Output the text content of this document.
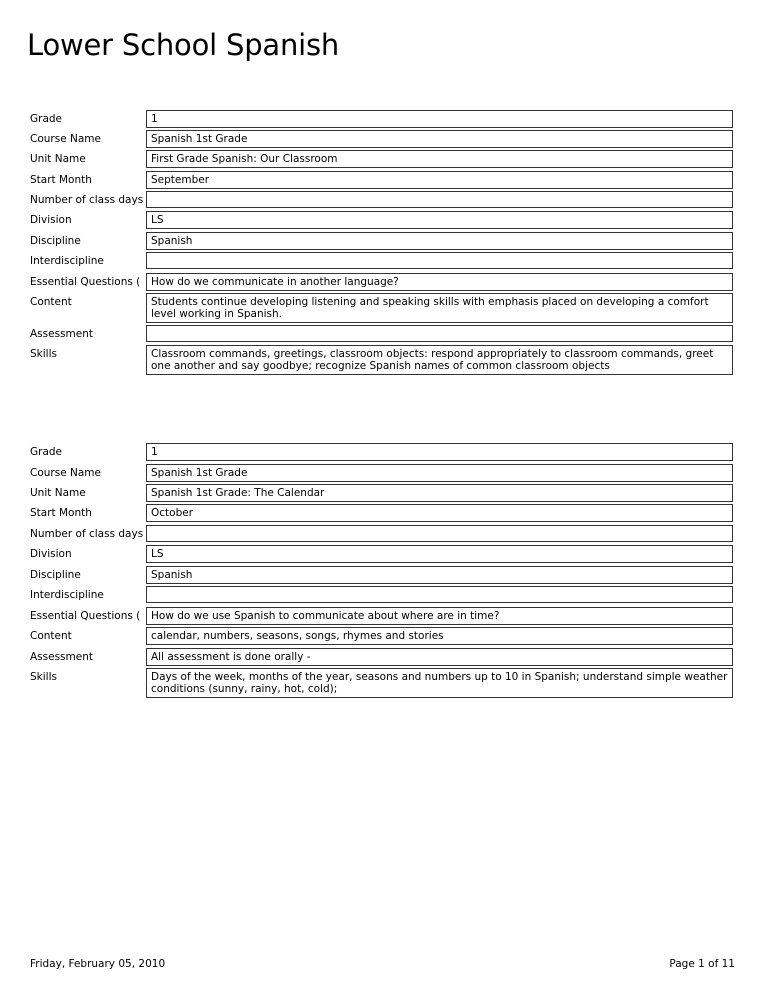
Lower School Spanish
Grade	1
Course Name	Spanish 1st Grade
Unit Name	First Grade Spanish: Our Classroom
Start Month	September
Number of class days
Division	LS
Discipline	Spanish
Interdiscipline
Essential Questions (	How do we communicate in another language?
Content	Students continue developing listening and speaking skills with emphasis placed on developing a comfort level working in Spanish.
Assessment
Skills	Classroom commands, greetings, classroom objects: respond appropriately to classroom commands, greet one another and say goodbye; recognize Spanish names of common classroom objects
Grade	1
Course Name	Spanish 1st Grade
Unit Name	Spanish 1st Grade: The Calendar
Start Month	October
Number of class days
Division	LS
Discipline	Spanish
Interdiscipline
Essential Questions (	How do we use Spanish to communicate about where are in time?
Content	calendar, numbers, seasons, songs, rhymes and stories
Assessment	All assessment is done orally -
Skills	Days of the week, months of the year, seasons and numbers up to 10 in Spanish; understand simple weather conditions (sunny, rainy, hot, cold);
Friday, February 05, 2010	Page 1 of 11
